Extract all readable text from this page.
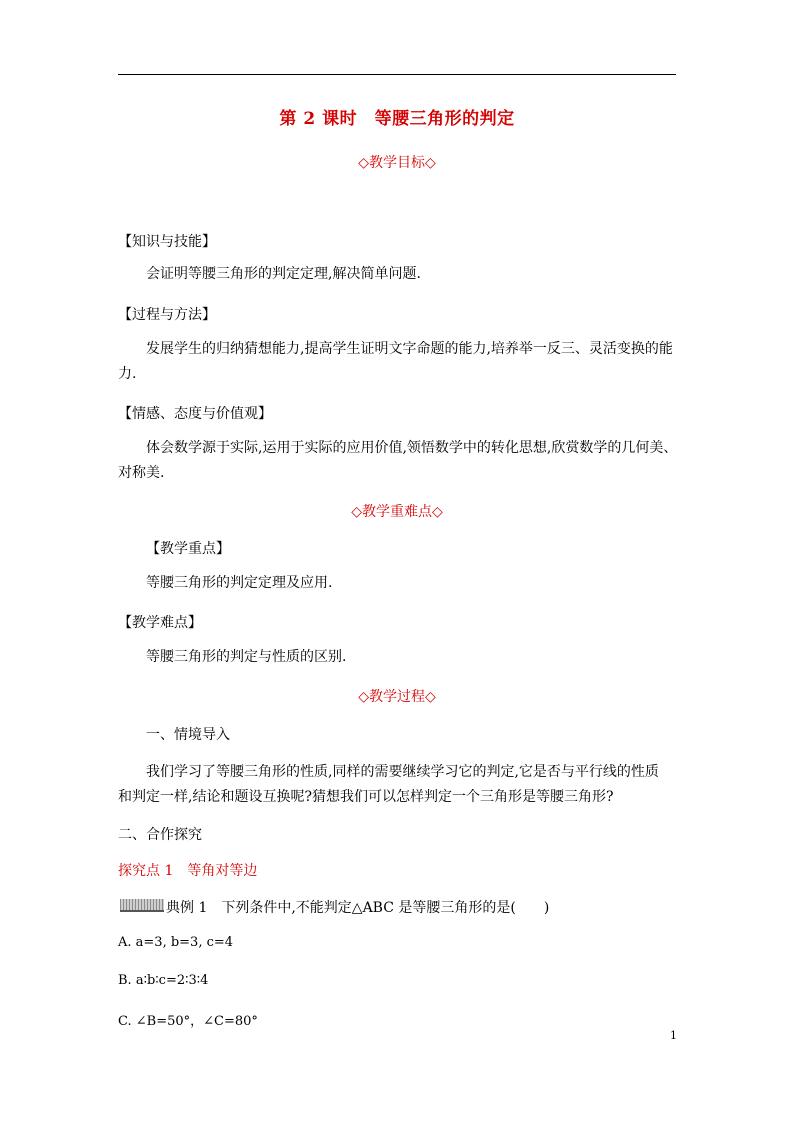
第 2 课时　等腰三角形的判定
◇教学目标◇
【知识与技能】
会证明等腰三角形的判定定理,解决简单问题.
【过程与方法】
发展学生的归纳猜想能力,提高学生证明文字命题的能力,培养举一反三、灵活变换的能
力.
【情感、态度与价值观】
体会数学源于实际,运用于实际的应用价值,领悟数学中的转化思想,欣赏数学的几何美、
对称美.
◇教学重难点◇
【教学重点】
等腰三角形的判定定理及应用.
【教学难点】
等腰三角形的判定与性质的区别.
◇教学过程◇
一、情境导入
我们学习了等腰三角形的性质,同样的需要继续学习它的判定,它是否与平行线的性质
和判定一样,结论和题设互换呢?猜想我们可以怎样判定一个三角形是等腰三角形?
二、合作探究
探究点 1　等角对等边
典例 1　下列条件中,不能判定△ABC 是等腰三角形的是(　　)
A. a=3, b=3, c=4
B. a∶b∶c=2∶3∶4
C. ∠B=50°，∠C=80°
1
